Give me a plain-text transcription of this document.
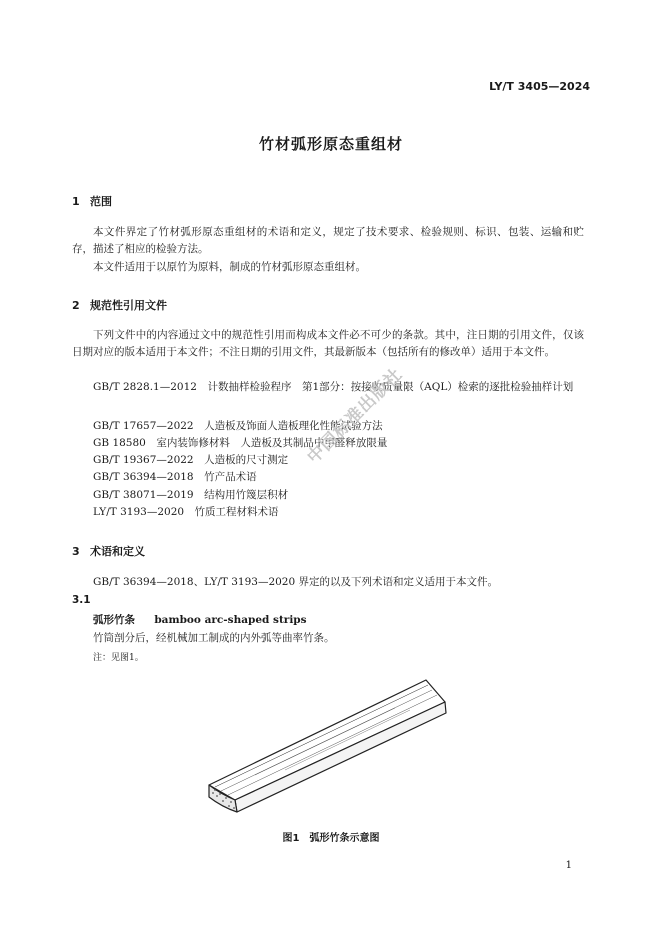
LY/T 3405—2024
竹材弧形原态重组材
1 范围
本文件界定了竹材弧形原态重组材的术语和定义，规定了技术要求、检验规则、标识、包装、运输和贮存，描述了相应的检验方法。
本文件适用于以原竹为原料，制成的竹材弧形原态重组材。
2 规范性引用文件
下列文件中的内容通过文中的规范性引用而构成本文件必不可少的条款。其中，注日期的引用文件，仅该日期对应的版本适用于本文件；不注日期的引用文件，其最新版本（包括所有的修改单）适用于本文件。
GB/T 2828.1—2012　计数抽样检验程序　第1部分：按接收质量限（AQL）检索的逐批检验抽样计划
GB/T 17657—2022　人造板及饰面人造板理化性能试验方法
GB 18580　室内装饰修材料　人造板及其制品中甲醛释放限量
GB/T 19367—2022　人造板的尺寸测定
GB/T 36394—2018　竹产品术语
GB/T 38071—2019　结构用竹篾层积材
LY/T 3193—2020　竹质工程材料术语
3 术语和定义
GB/T 36394—2018、LY/T 3193—2020 界定的以及下列术语和定义适用于本文件。
3.1
弧形竹条 bamboo arc-shaped strips
竹筒剖分后，经机械加工制成的内外弧等曲率竹条。
注：见图1。
图1　弧形竹条示意图
1
中国标准出版社
